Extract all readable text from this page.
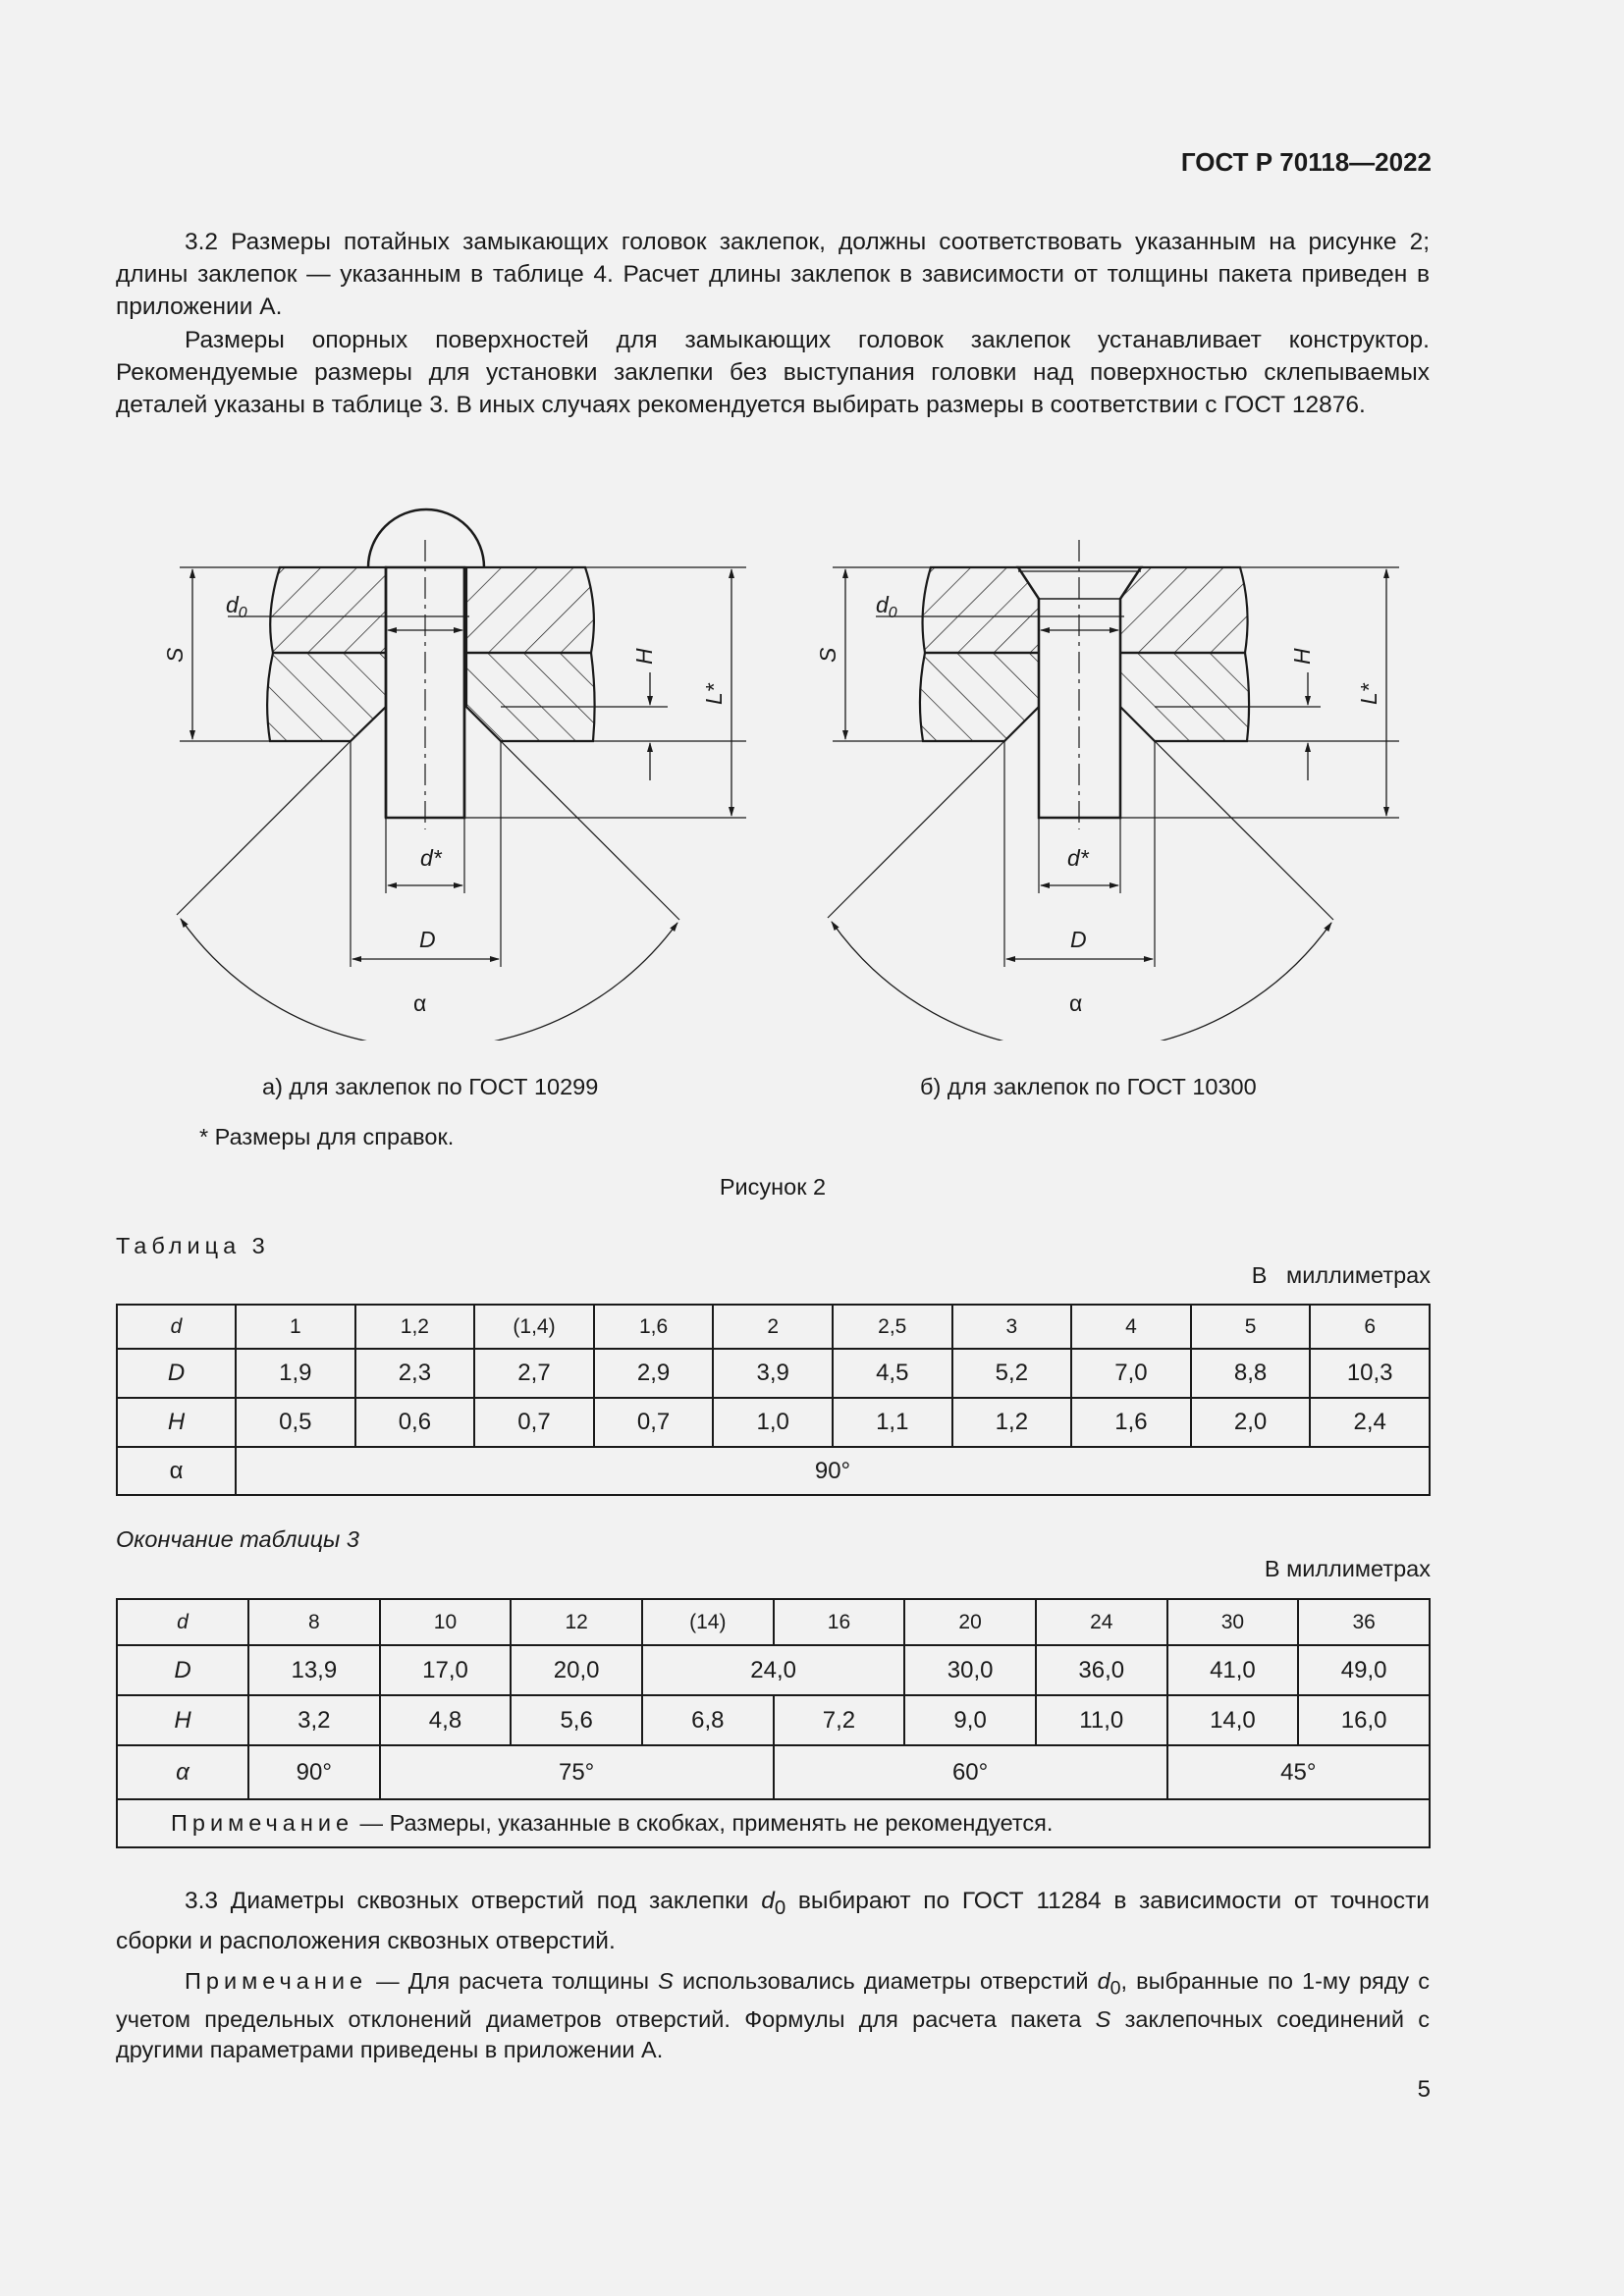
ГОСТ Р 70118—2022

3.2 Размеры потайных замыкающих головок заклепок, должны соответствовать указанным на рисунке 2; длины заклепок — указанным в таблице 4. Расчет длины заклепок в зависимости от толщины пакета приведен в приложении А.

Размеры опорных поверхностей для замыкающих головок заклепок устанавливает конструктор. Рекомендуемые размеры для установки заклепки без выступания головки над поверхностью склепываемых деталей указаны в таблице 3. В иных случаях рекомендуется выбирать размеры в соответствии с ГОСТ 12876.

S
$d_0$
H
L*
d*
D
α
S
$d_0$
H
L*
d*
D
α
а) для заклепок по ГОСТ 10299	б) для заклепок по ГОСТ 10300
* Размеры для справок.
Рисунок 2
Таблица 3
В   миллиметрах
d	1	1,2	(1,4)	1,6	2	2,5	3	4	5	6
D	1,9	2,3	2,7	2,9	3,9	4,5	5,2	7,0	8,8	10,3
H	0,5	0,6	0,7	0,7	1,0	1,1	1,2	1,6	2,0	2,4
α	90°									
Окончание таблицы 3
В миллиметрах
d	8	10	12	(14)	16	20	24	30	36
D	13,9	17,0	20,0	24,0		30,0	36,0	41,0	49,0
H	3,2	4,8	5,6	6,8	7,2	9,0	11,0	14,0	16,0
α	90°	75°			60°			45°	
Примечание — Размеры, указанные в скобках, применять не рекомендуется.									

3.3 Диаметры сквозных отверстий под заклепки $d_0$ выбирают по ГОСТ 11284 в зависимости от точности сборки и расположения сквозных отверстий.

Примечание — Для расчета толщины S использовались диаметры отверстий $d_0$, выбранные по 1-му ряду с учетом предельных отклонений диаметров отверстий. Формулы для расчета пакета S заклепочных соединений с другими параметрами приведены в приложении А.

5
